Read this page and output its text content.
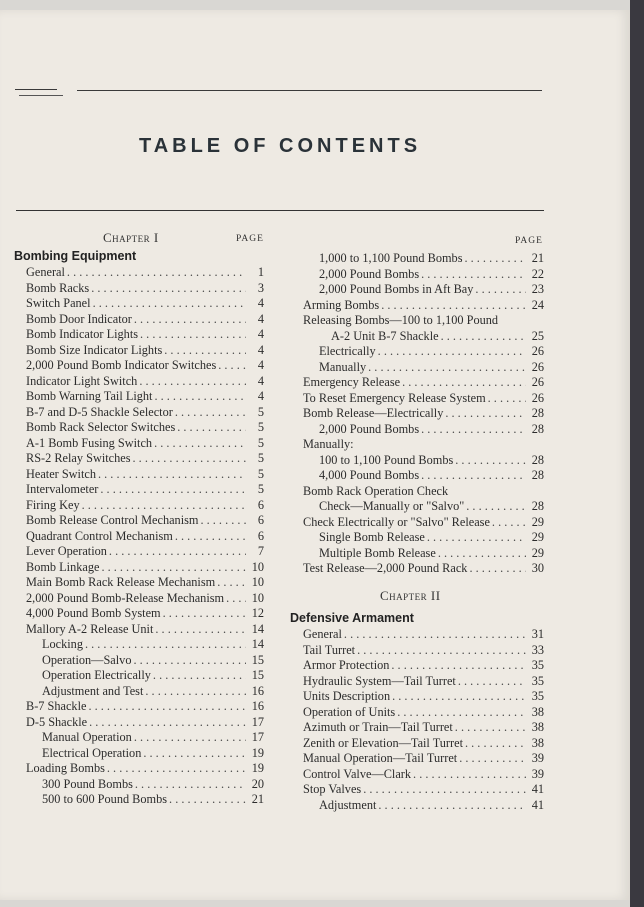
TABLE OF CONTENTS
Chapter I	PAGE	PAGE
Bombing Equipment
General . . .	1
Bomb Racks . . .	3
Switch Panel . . .	4
Bomb Door Indicator . . .	4
Bomb Indicator Lights . . .	4
Bomb Size Indicator Lights . . .	4
2,000 Pound Bomb Indicator Switches . . .	4
Indicator Light Switch . . .	4
Bomb Warning Tail Light . . .	4
B-7 and D-5 Shackle Selector . . .	5
Bomb Rack Selector Switches . . .	5
A-1 Bomb Fusing Switch . . .	5
RS-2 Relay Switches . . .	5
Heater Switch . . .	5
Intervalometer . . .	5
Firing Key . . .	6
Bomb Release Control Mechanism . . .	6
Quadrant Control Mechanism . . .	6
Lever Operation . . .	7
Bomb Linkage . . .	10
Main Bomb Rack Release Mechanism . . .	10
2,000 Pound Bomb-Release Mechanism . . .	10
4,000 Pound Bomb System . . .	12
Mallory A-2 Release Unit . . .	14
Locking . . .	14
Operation—Salvo . . .	15
Operation Electrically . . .	15
Adjustment and Test . . .	16
B-7 Shackle . . .	16
D-5 Shackle . . .	17
Manual Operation . . .	17
Electrical Operation . . .	19
Loading Bombs . . .	19
300 Pound Bombs . . .	20
500 to 600 Pound Bombs . . .	21
1,000 to 1,100 Pound Bombs . . .	21
2,000 Pound Bombs . . .	22
2,000 Pound Bombs in Aft Bay . . .	23
Arming Bombs . . .	24
Releasing Bombs—100 to 1,100 Pound
A-2 Unit B-7 Shackle . . .	25
Electrically . . .	26
Manually . . .	26
Emergency Release . . .	26
To Reset Emergency Release System . . .	26
Bomb Release—Electrically . . .	28
2,000 Pound Bombs . . .	28
Manually:
100 to 1,100 Pound Bombs . . .	28
4,000 Pound Bombs . . .	28
Bomb Rack Operation Check
Check—Manually or "Salvo" . . .	28
Check Electrically or "Salvo" Release . . .	29
Single Bomb Release . . .	29
Multiple Bomb Release . . .	29
Test Release—2,000 Pound Rack . . .	30
Chapter II
Defensive Armament
General . . .	31
Tail Turret . . .	33
Armor Protection . . .	35
Hydraulic System—Tail Turret . . .	35
Units Description . . .	35
Operation of Units . . .	38
Azimuth or Train—Tail Turret . . .	38
Zenith or Elevation—Tail Turret . . .	38
Manual Operation—Tail Turret . . .	39
Control Valve—Clark . . .	39
Stop Valves . . .	41
Adjustment . . .	41
